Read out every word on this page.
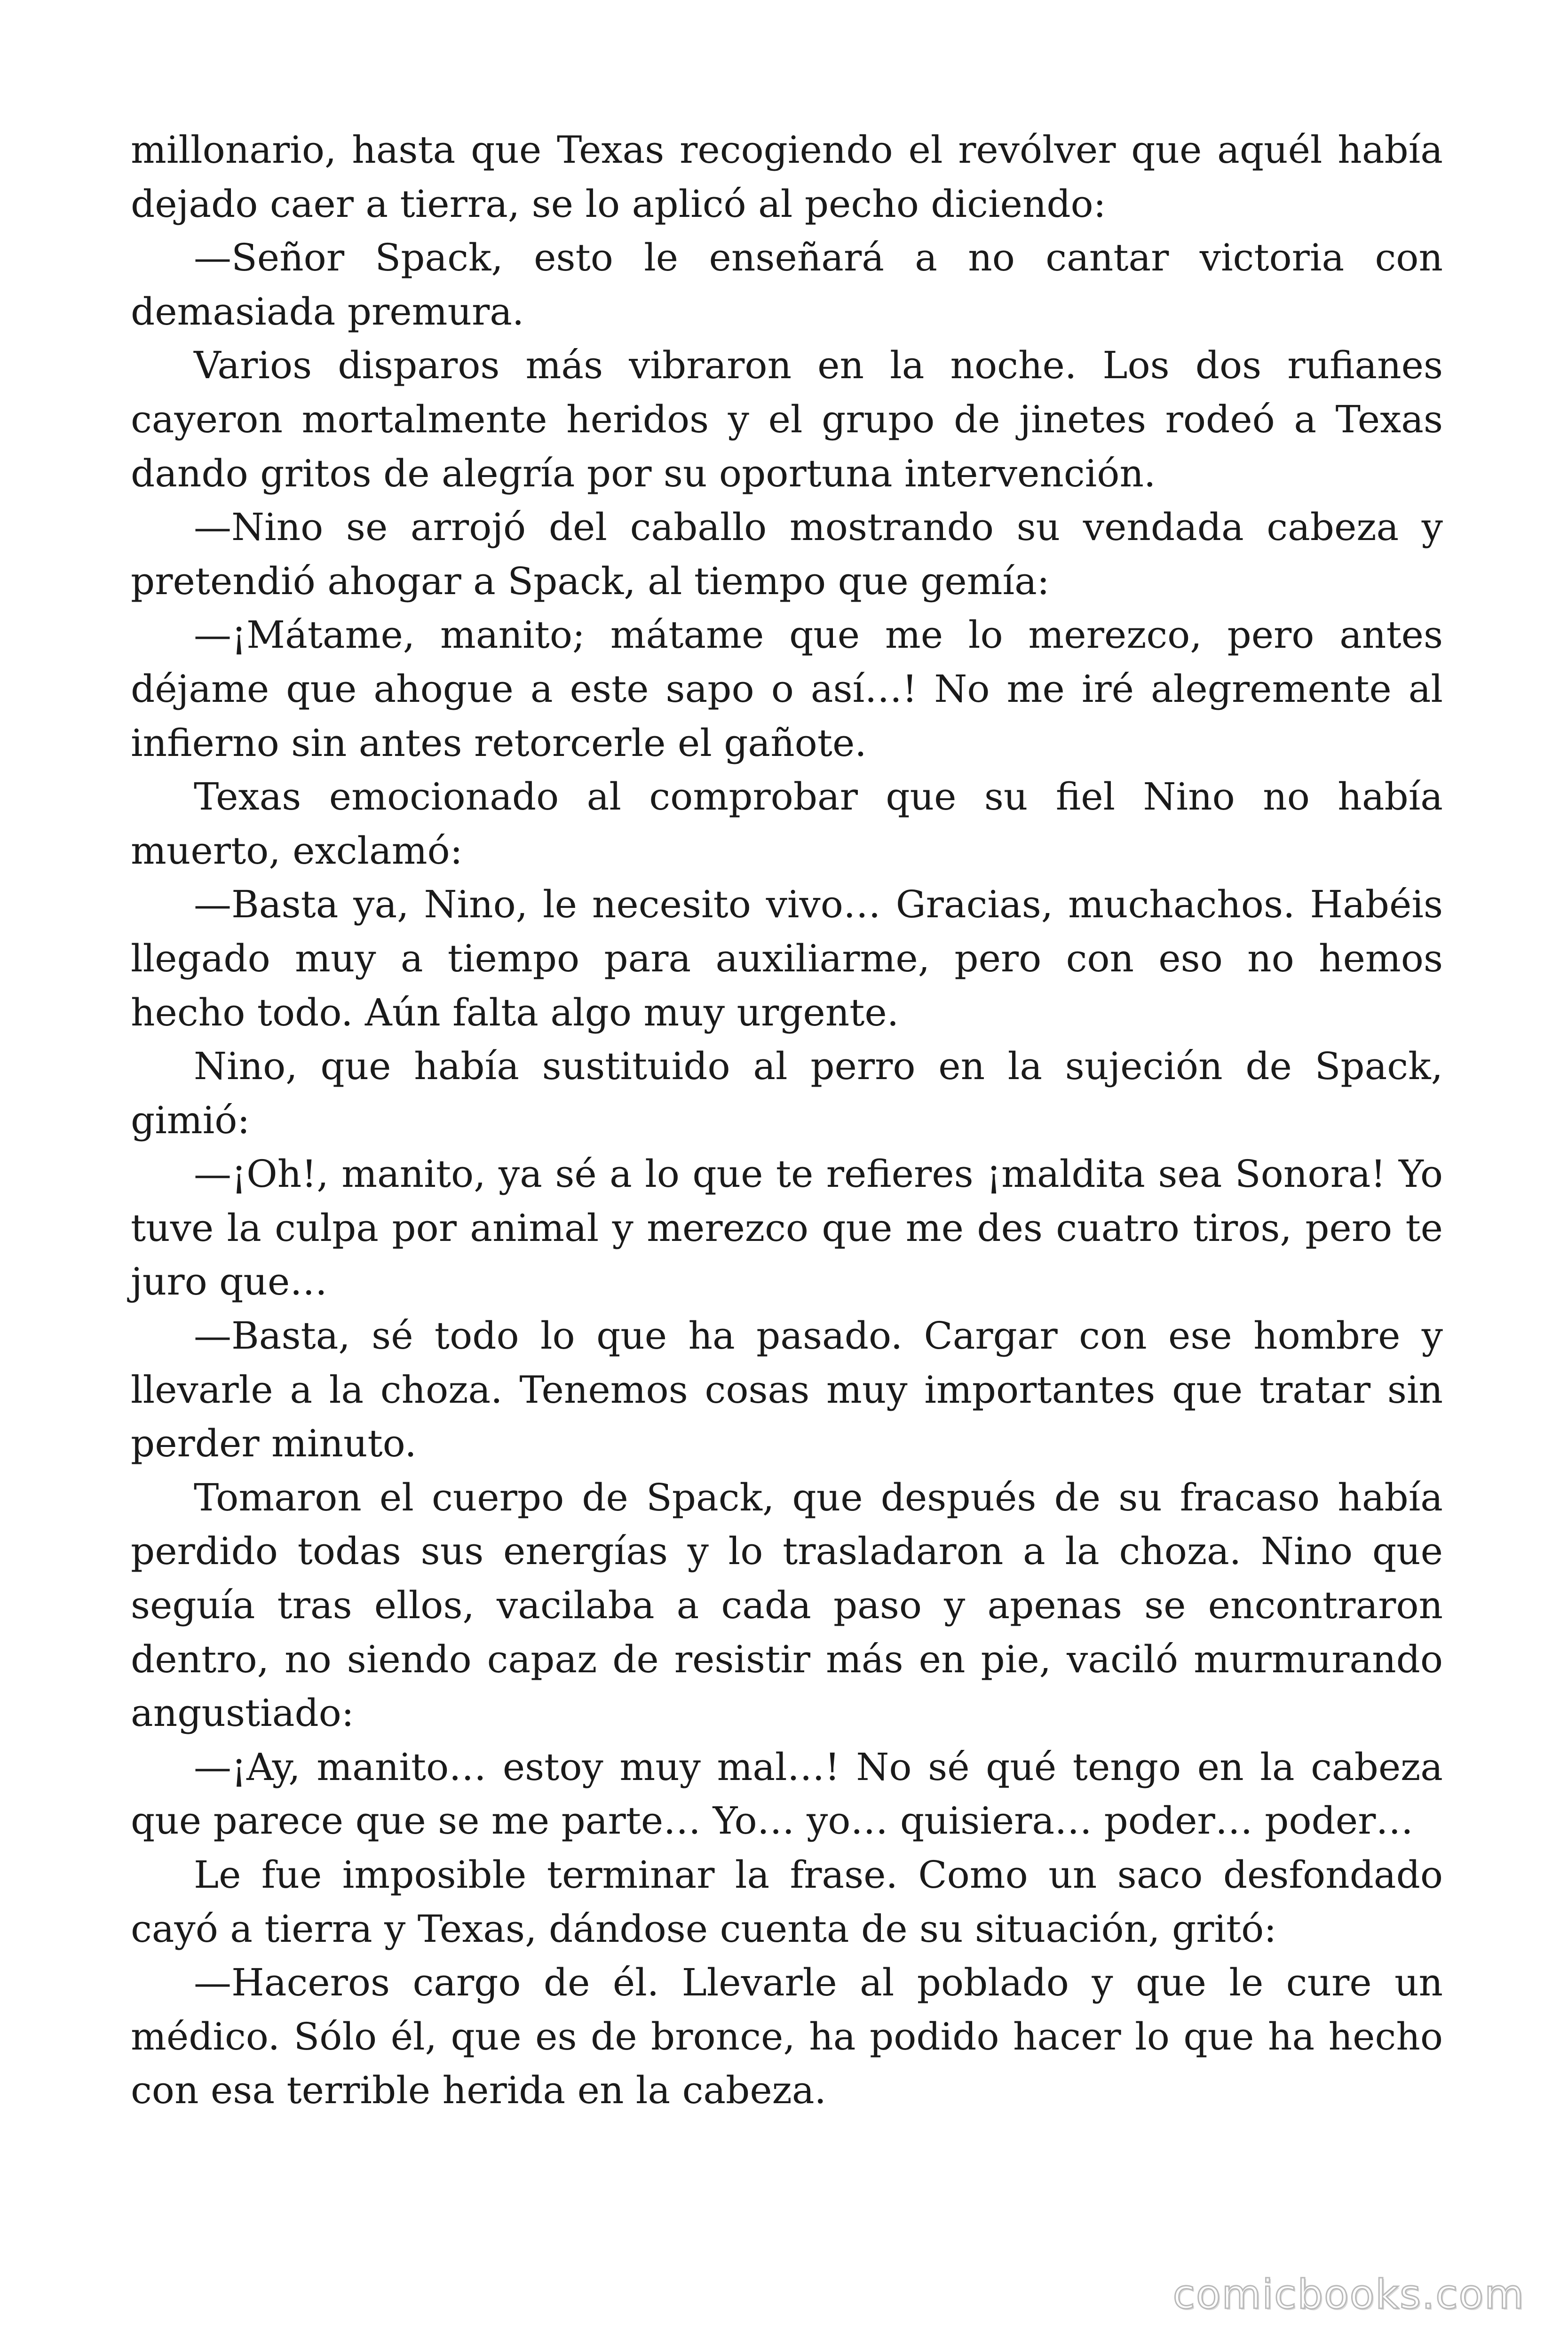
millonario, hasta que Texas recogiendo el revólver que aquél había dejado caer a tierra, se lo aplicó al pecho diciendo:

—Señor Spack, esto le enseñará a no cantar victoria con demasiada premura.

Varios disparos más vibraron en la noche. Los dos rufianes cayeron mortalmente heridos y el grupo de jinetes rodeó a Texas dando gritos de alegría por su oportuna intervención.

—Nino se arrojó del caballo mostrando su vendada cabeza y pretendió ahogar a Spack, al tiempo que gemía:

—¡Mátame, manito; mátame que me lo merezco, pero antes déjame que ahogue a este sapo o así…! No me iré alegremente al infierno sin antes retorcerle el gañote.

Texas emocionado al comprobar que su fiel Nino no había muerto, exclamó:

—Basta ya, Nino, le necesito vivo… Gracias, muchachos. Habéis llegado muy a tiempo para auxiliarme, pero con eso no hemos hecho todo. Aún falta algo muy urgente.

Nino, que había sustituido al perro en la sujeción de Spack, gimió:

—¡Oh!, manito, ya sé a lo que te refieres ¡maldita sea Sonora! Yo tuve la culpa por animal y merezco que me des cuatro tiros, pero te juro que…

—Basta, sé todo lo que ha pasado. Cargar con ese hombre y llevarle a la choza. Tenemos cosas muy importantes que tratar sin perder minuto.

Tomaron el cuerpo de Spack, que después de su fracaso había perdido todas sus energías y lo trasladaron a la choza. Nino que seguía tras ellos, vacilaba a cada paso y apenas se encontraron dentro, no siendo capaz de resistir más en pie, vaciló murmurando angustiado:

—¡Ay, manito… estoy muy mal…! No sé qué tengo en la cabeza que parece que se me parte… Yo… yo… quisiera… poder… poder…

Le fue imposible terminar la frase. Como un saco desfondado cayó a tierra y Texas, dándose cuenta de su situación, gritó:

—Haceros cargo de él. Llevarle al poblado y que le cure un médico. Sólo él, que es de bronce, ha podido hacer lo que ha hecho con esa terrible herida en la cabeza.

comicbooks.com
